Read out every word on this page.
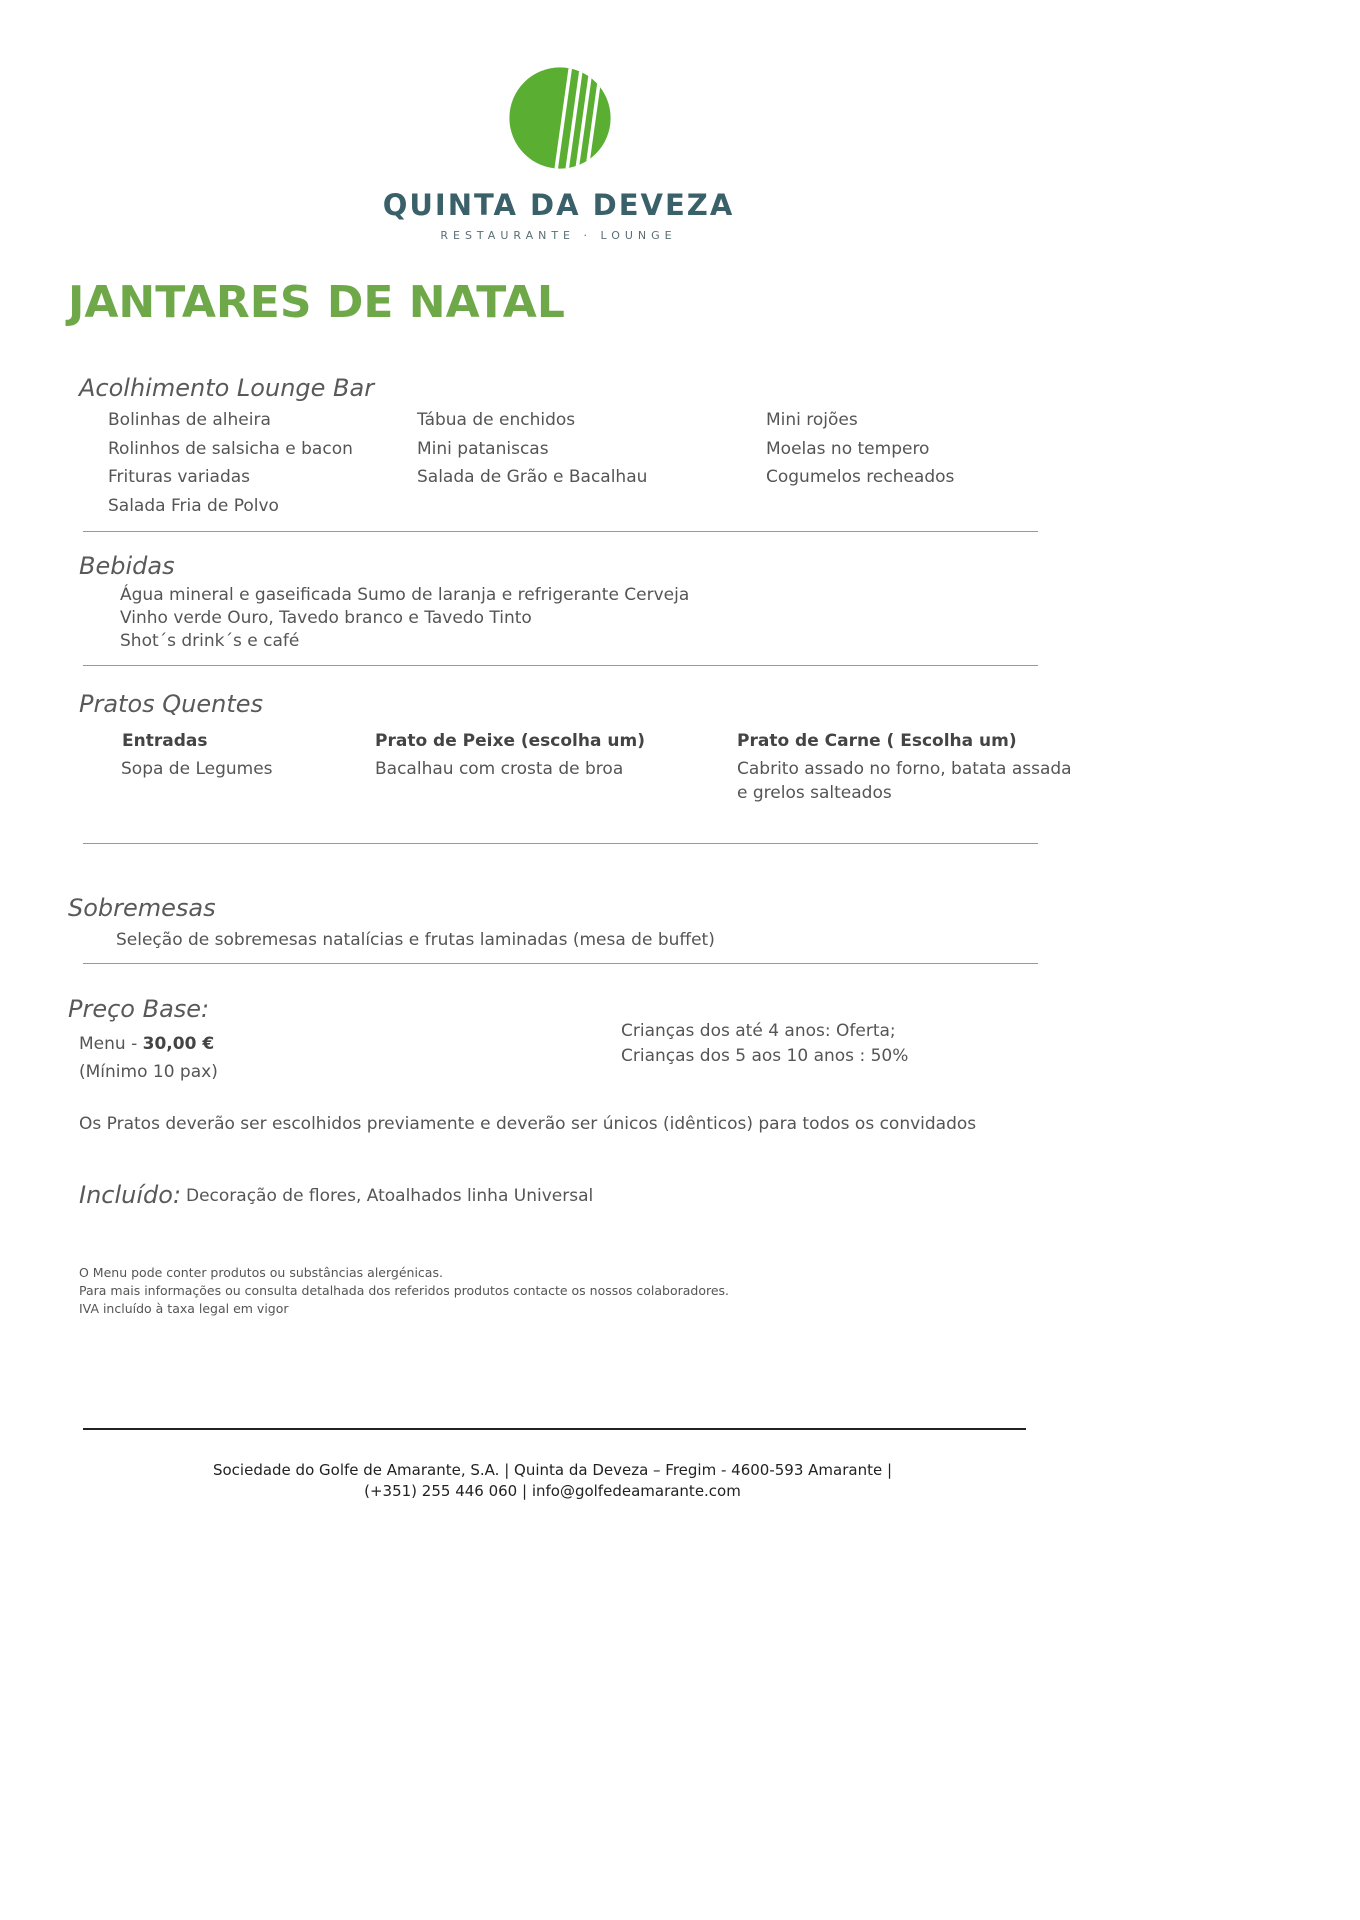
QUINTA DA DEVEZA
RESTAURANTE · LOUNGE
JANTARES DE NATAL
Acolhimento Lounge Bar
Bolinhas de alheira
Rolinhos de salsicha e bacon
Frituras variadas
Salada Fria de Polvo
Tábua de enchidos
Mini pataniscas
Salada de Grão e Bacalhau
Mini rojões
Moelas no tempero
Cogumelos recheados
Bebidas
Água mineral e gaseificada Sumo de laranja e refrigerante Cerveja
Vinho verde Ouro, Tavedo branco e Tavedo Tinto
Shot´s drink´s e café
Pratos Quentes
Entradas
Sopa de Legumes
Prato de Peixe (escolha um)
Bacalhau com crosta de broa
Prato de Carne ( Escolha um)
Cabrito assado no forno, batata assada
e grelos salteados
Sobremesas
Seleção de sobremesas natalícias e frutas laminadas (mesa de buffet)
Preço Base:
Menu - 30,00 €
(Mínimo 10 pax)
Crianças dos até 4 anos: Oferta;
Crianças dos 5 aos 10 anos : 50%
Os Pratos deverão ser escolhidos previamente e deverão ser únicos (idênticos) para todos os convidados
Incluído: Decoração de flores, Atoalhados linha Universal
O Menu pode conter produtos ou substâncias alergénicas.
Para mais informações ou consulta detalhada dos referidos produtos contacte os nossos colaboradores.
IVA incluído à taxa legal em vigor
Sociedade do Golfe de Amarante, S.A. | Quinta da Deveza – Fregim - 4600-593 Amarante |
(+351) 255 446 060 | info@golfedeamarante.com
